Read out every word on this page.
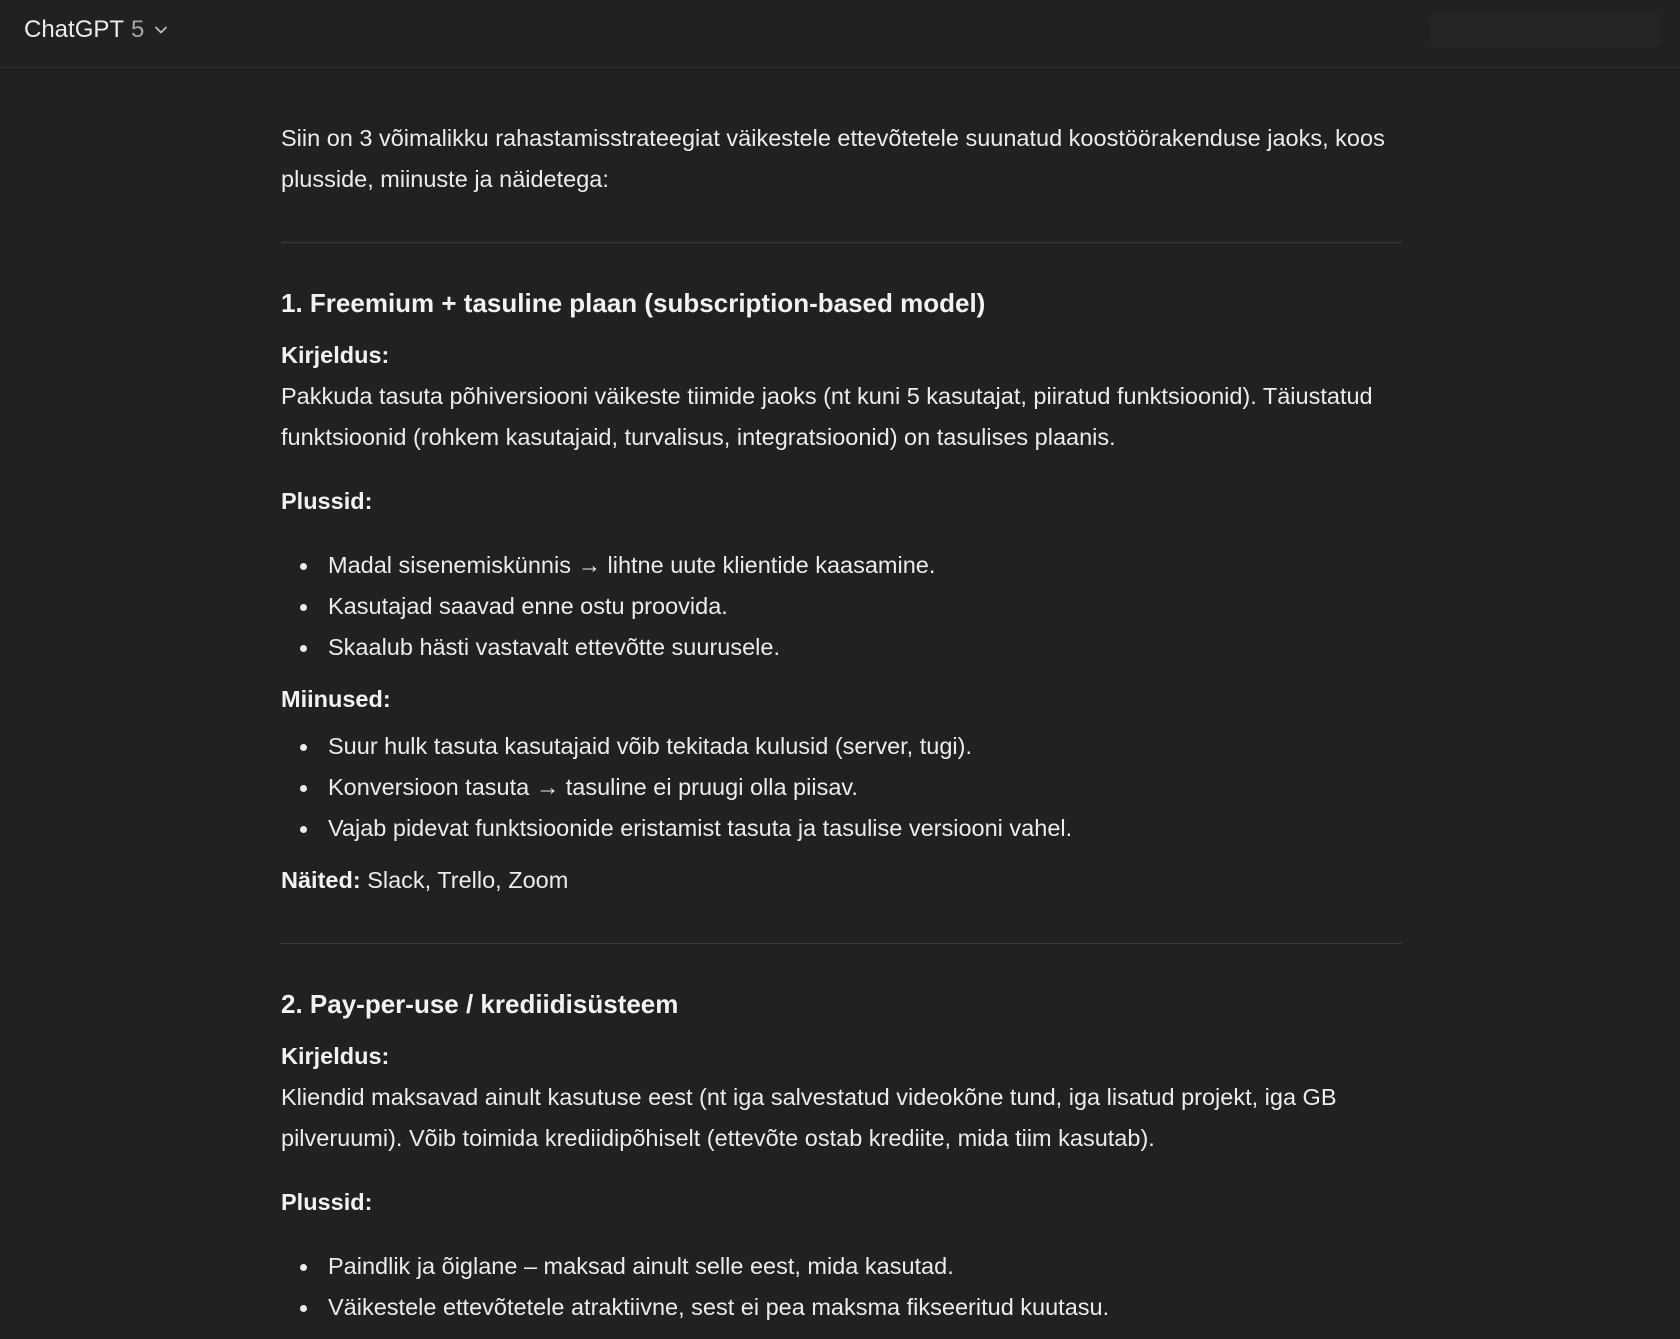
ChatGPT 5

Siin on 3 võimalikku rahastamisstrateegiat väikestele ettevõtetele suunatud koostöörakenduse jaoks, koos plusside, miinuste ja näidetega:

1. Freemium + tasuline plaan (subscription-based model)
Kirjeldus:
Pakkuda tasuta põhiversiooni väikeste tiimide jaoks (nt kuni 5 kasutajat, piiratud funktsioonid). Täiustatud funktsioonid (rohkem kasutajaid, turvalisus, integratsioonid) on tasulises plaanis.
Plussid:
Madal sisenemiskünnis → lihtne uute klientide kaasamine.
Kasutajad saavad enne ostu proovida.
Skaalub hästi vastavalt ettevõtte suurusele.
Miinused:
Suur hulk tasuta kasutajaid võib tekitada kulusid (server, tugi).
Konversioon tasuta → tasuline ei pruugi olla piisav.
Vajab pidevat funktsioonide eristamist tasuta ja tasulise versiooni vahel.
Näited: Slack, Trello, Zoom
2. Pay-per-use / krediidisüsteem
Kirjeldus:
Kliendid maksavad ainult kasutuse eest (nt iga salvestatud videokõne tund, iga lisatud projekt, iga GB pilveruumi). Võib toimida krediidipõhiselt (ettevõte ostab krediite, mida tiim kasutab).
Plussid:
Paindlik ja õiglane – maksad ainult selle eest, mida kasutad.
Väikestele ettevõtetele atraktiivne, sest ei pea maksma fikseeritud kuutasu.
